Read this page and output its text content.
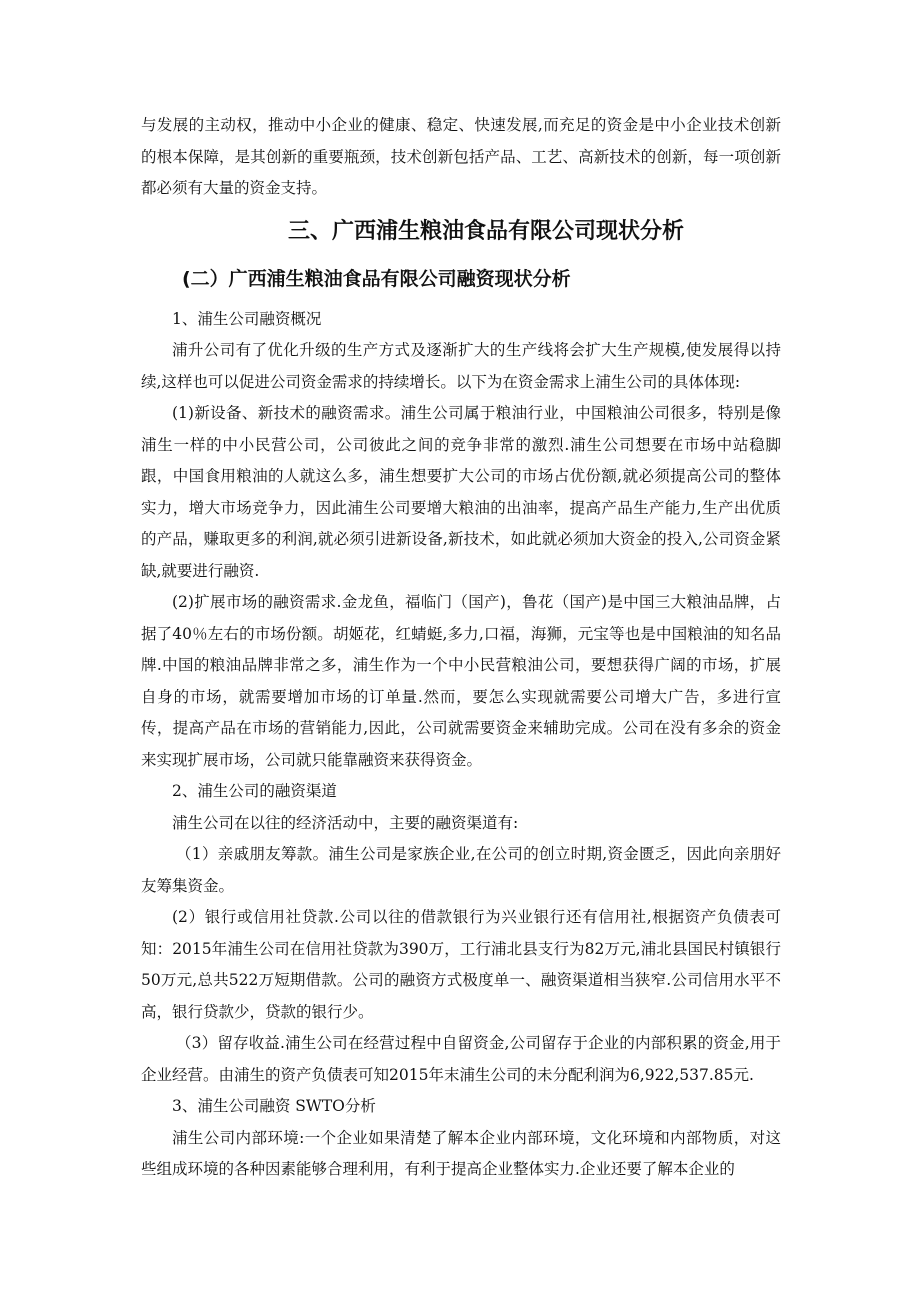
与发展的主动权，推动中小企业的健康、稳定、快速发展,而充足的资金是中小企业技术创新的根本保障，是其创新的重要瓶颈，技术创新包括产品、工艺、高新技术的创新，每一项创新都必须有大量的资金支持。

三、广西浦生粮油食品有限公司现状分析
(二）广西浦生粮油食品有限公司融资现状分析

1、浦生公司融资概况

浦升公司有了优化升级的生产方式及逐渐扩大的生产线将会扩大生产规模,使发展得以持续,这样也可以促进公司资金需求的持续增长。以下为在资金需求上浦生公司的具体体现:

(1)新设备、新技术的融资需求。浦生公司属于粮油行业，中国粮油公司很多，特别是像浦生一样的中小民营公司，公司彼此之间的竞争非常的激烈.浦生公司想要在市场中站稳脚跟，中国食用粮油的人就这么多，浦生想要扩大公司的市场占优份额,就必须提高公司的整体实力，增大市场竞争力，因此浦生公司要增大粮油的出油率，提高产品生产能力,生产出优质的产品，赚取更多的利润,就必须引进新设备,新技术，如此就必须加大资金的投入,公司资金紧缺,就要进行融资.

(2)扩展市场的融资需求.金龙鱼，福临门（国产)，鲁花（国产)是中国三大粮油品牌，占据了40％左右的市场份额。胡姬花，红蜻蜓,多力,口福，海狮，元宝等也是中国粮油的知名品牌.中国的粮油品牌非常之多，浦生作为一个中小民营粮油公司，要想获得广阔的市场，扩展自身的市场，就需要增加市场的订单量.然而，要怎么实现就需要公司增大广告，多进行宣传，提高产品在市场的营销能力,因此，公司就需要资金来辅助完成。公司在没有多余的资金来实现扩展市场，公司就只能靠融资来获得资金。

2、浦生公司的融资渠道

浦生公司在以往的经济活动中，主要的融资渠道有:

（1）亲戚朋友筹款。浦生公司是家族企业,在公司的创立时期,资金匮乏，因此向亲朋好友筹集资金。

(2）银行或信用社贷款.公司以往的借款银行为兴业银行还有信用社,根据资产负债表可知：2015年浦生公司在信用社贷款为390万，工行浦北县支行为82万元,浦北县国民村镇银行50万元,总共522万短期借款。公司的融资方式极度单一、融资渠道相当狭窄.公司信用水平不高，银行贷款少，贷款的银行少。

（3）留存收益.浦生公司在经营过程中自留资金,公司留存于企业的内部积累的资金,用于企业经营。由浦生的资产负债表可知2015年末浦生公司的未分配利润为6,922,537.85元.

3、浦生公司融资 SWTO分析

浦生公司内部环境:一个企业如果清楚了解本企业内部环境，文化环境和内部物质，对这些组成环境的各种因素能够合理利用，有利于提高企业整体实力.企业还要了解本企业的
